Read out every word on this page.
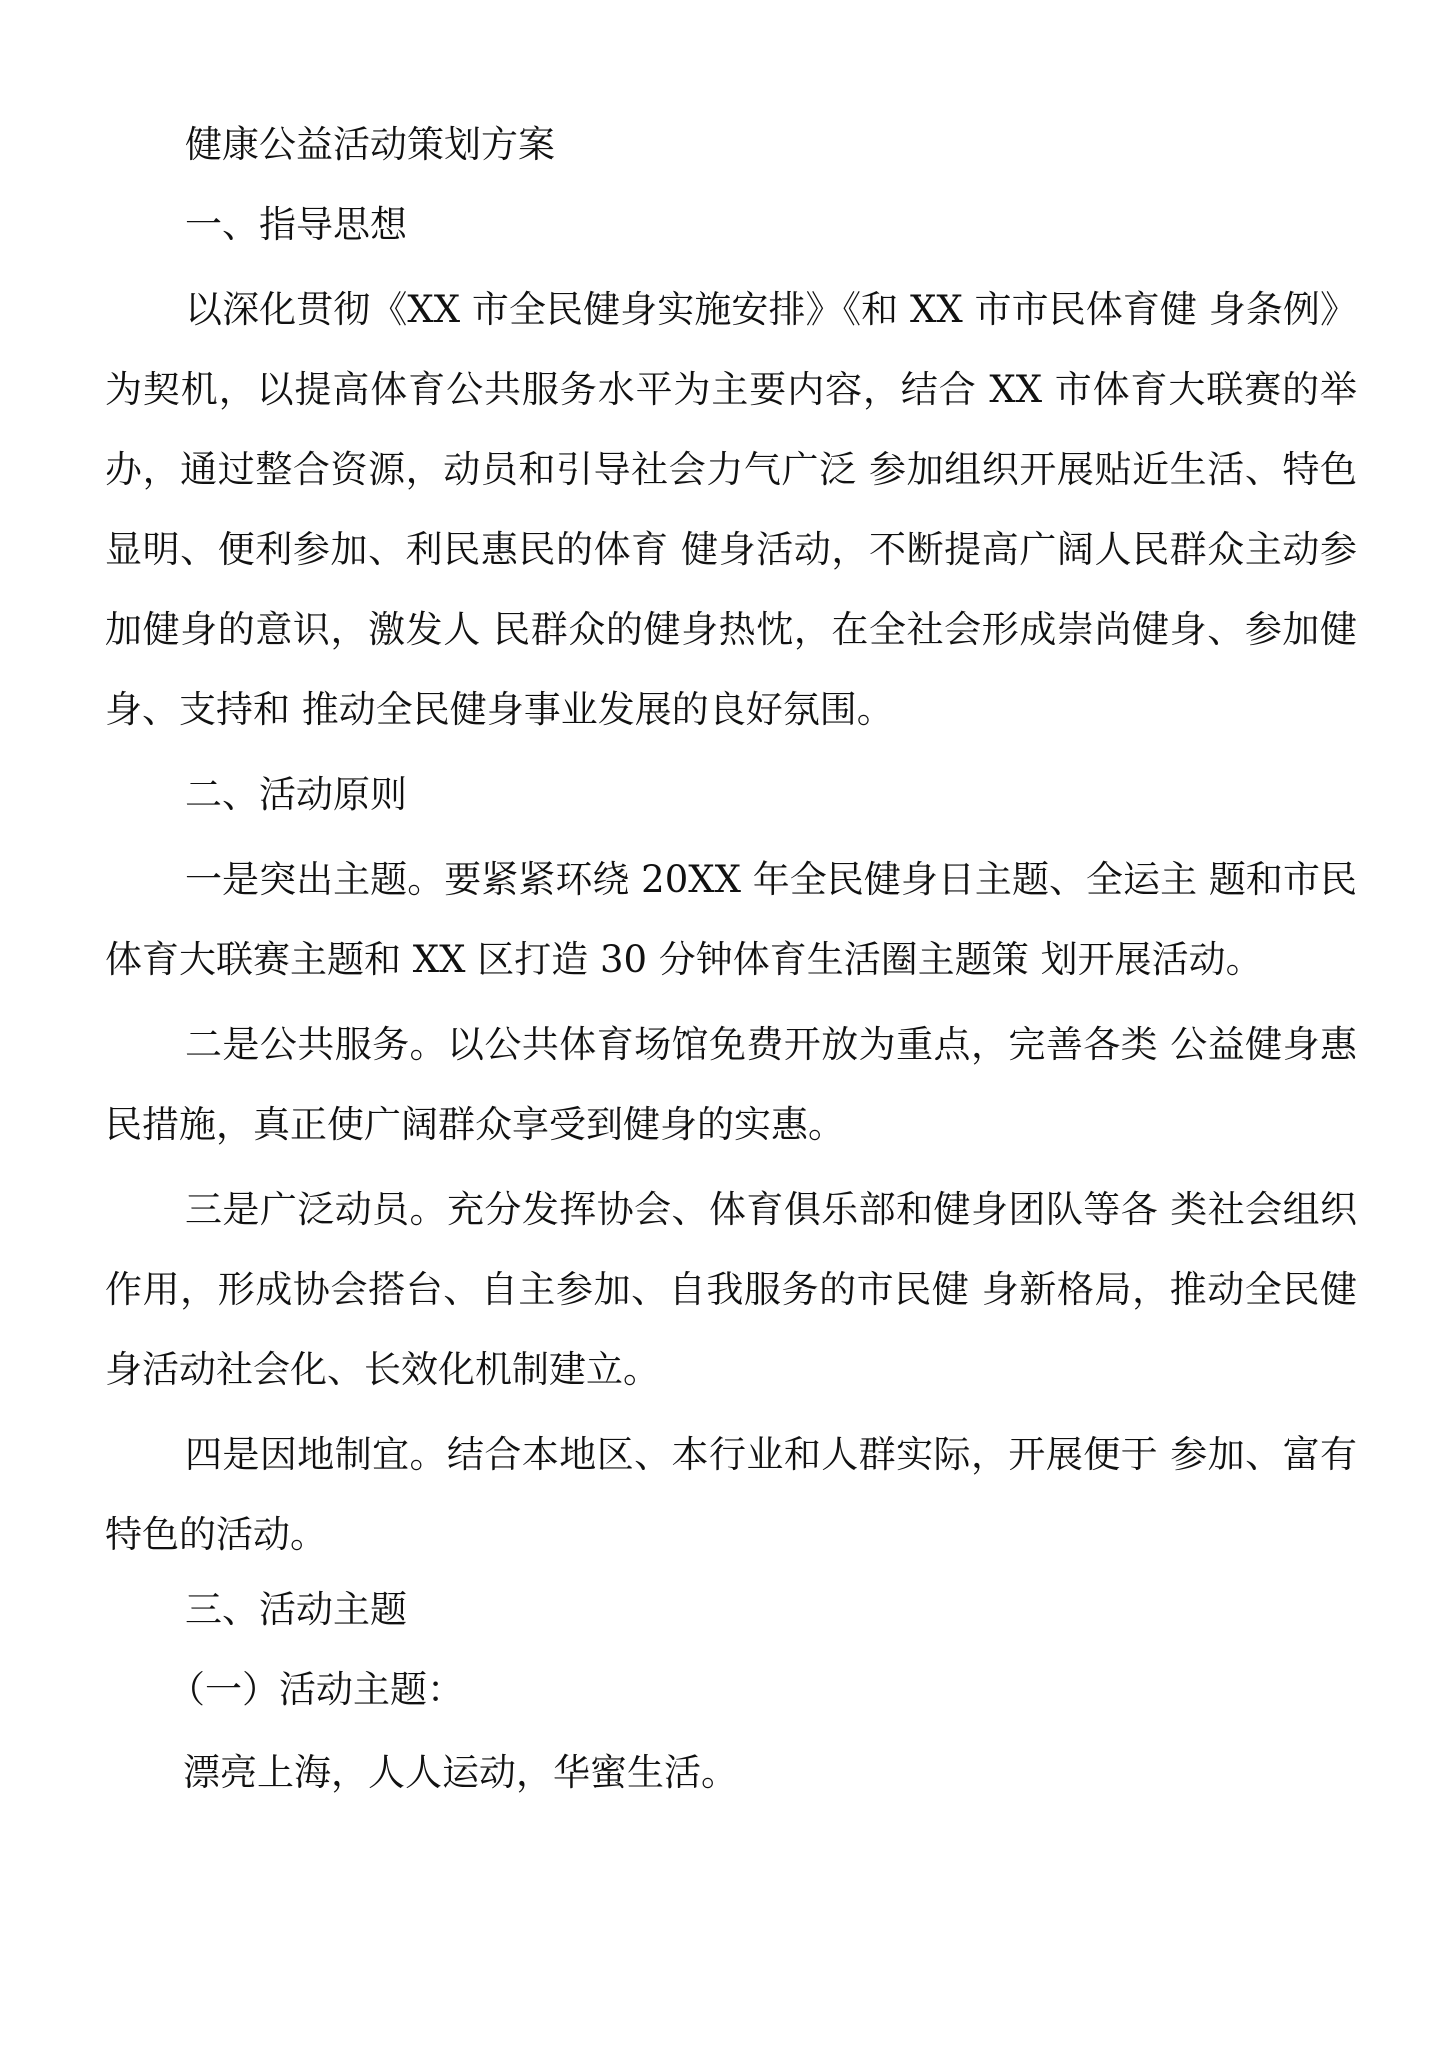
健康公益活动策划方案

一、指导思想

以深化贯彻《XX 市全民健身实施安排》《和 XX 市市民体育健 身条例》为契机，以提高体育公共服务水平为主要内容，结合 XX 市体育大联赛的举办，通过整合资源，动员和引导社会力气广泛 参加组织开展贴近生活、特色显明、便利参加、利民惠民的体育 健身活动，不断提高广阔人民群众主动参加健身的意识，激发人 民群众的健身热忱，在全社会形成崇尚健身、参加健身、支持和 推动全民健身事业发展的良好氛围。

二、活动原则

一是突出主题。要紧紧环绕 20XX 年全民健身日主题、全运主 题和市民体育大联赛主题和 XX 区打造 30 分钟体育生活圈主题策 划开展活动。

二是公共服务。以公共体育场馆免费开放为重点，完善各类 公益健身惠民措施，真正使广阔群众享受到健身的实惠。

三是广泛动员。充分发挥协会、体育俱乐部和健身团队等各 类社会组织作用，形成协会搭台、自主参加、自我服务的市民健 身新格局，推动全民健身活动社会化、长效化机制建立。

四是因地制宜。结合本地区、本行业和人群实际，开展便于 参加、富有特色的活动。

三、活动主题

（一）活动主题：

漂亮上海，人人运动，华蜜生活。
